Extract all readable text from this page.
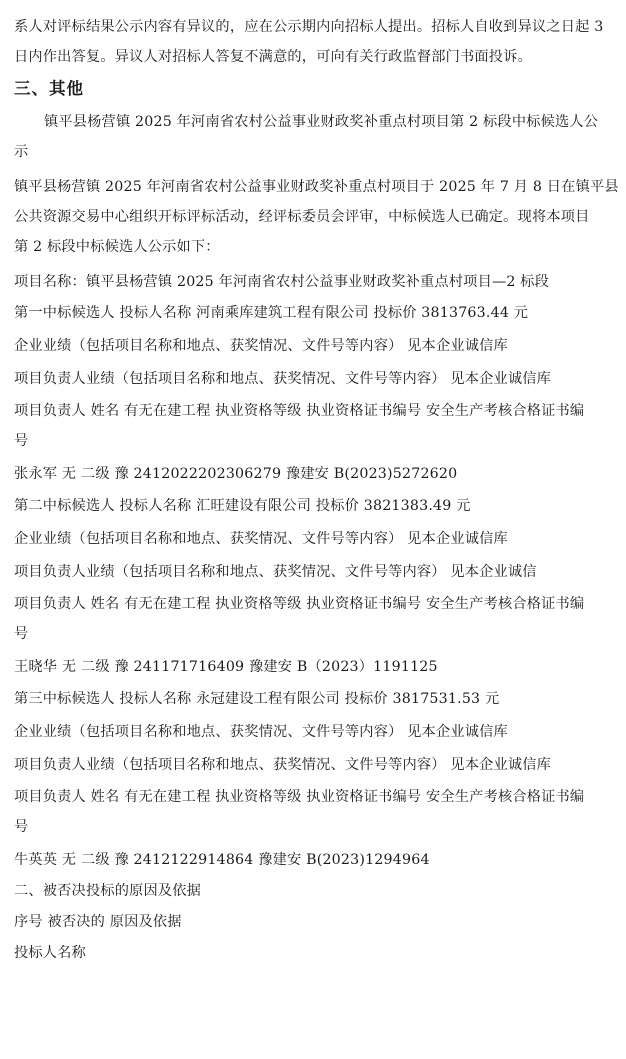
系人对评标结果公示内容有异议的，应在公示期内向招标人提出。招标人自收到异议之日起 3
日内作出答复。异议人对招标人答复不满意的，可向有关行政监督部门书面投诉。
三、其他
镇平县杨营镇 2025 年河南省农村公益事业财政奖补重点村项目第 2 标段中标候选人公
示
镇平县杨营镇 2025 年河南省农村公益事业财政奖补重点村项目于 2025 年 7 月 8 日在镇平县
公共资源交易中心组织开标评标活动，经评标委员会评审，中标候选人已确定。现将本项目
第 2 标段中标候选人公示如下：
项目名称：镇平县杨营镇 2025 年河南省农村公益事业财政奖补重点村项目—2 标段
第一中标候选人 投标人名称 河南乘库建筑工程有限公司 投标价 3813763.44 元
企业业绩（包括项目名称和地点、获奖情况、文件号等内容） 见本企业诚信库
项目负责人业绩（包括项目名称和地点、获奖情况、文件号等内容） 见本企业诚信库
项目负责人 姓名 有无在建工程 执业资格等级 执业资格证书编号 安全生产考核合格证书编
号
张永军 无 二级 豫 2412022202306279 豫建安 B(2023)5272620
第二中标候选人 投标人名称 汇旺建设有限公司 投标价 3821383.49 元
企业业绩（包括项目名称和地点、获奖情况、文件号等内容） 见本企业诚信库
项目负责人业绩（包括项目名称和地点、获奖情况、文件号等内容） 见本企业诚信
项目负责人 姓名 有无在建工程 执业资格等级 执业资格证书编号 安全生产考核合格证书编
号
王晓华 无 二级 豫 241171716409 豫建安 B（2023）1191125
第三中标候选人 投标人名称 永冠建设工程有限公司 投标价 3817531.53 元
企业业绩（包括项目名称和地点、获奖情况、文件号等内容） 见本企业诚信库
项目负责人业绩（包括项目名称和地点、获奖情况、文件号等内容） 见本企业诚信库
项目负责人 姓名 有无在建工程 执业资格等级 执业资格证书编号 安全生产考核合格证书编
号
牛英英 无 二级 豫 2412122914864 豫建安 B(2023)1294964
二、被否决投标的原因及依据
序号 被否决的 原因及依据
投标人名称
